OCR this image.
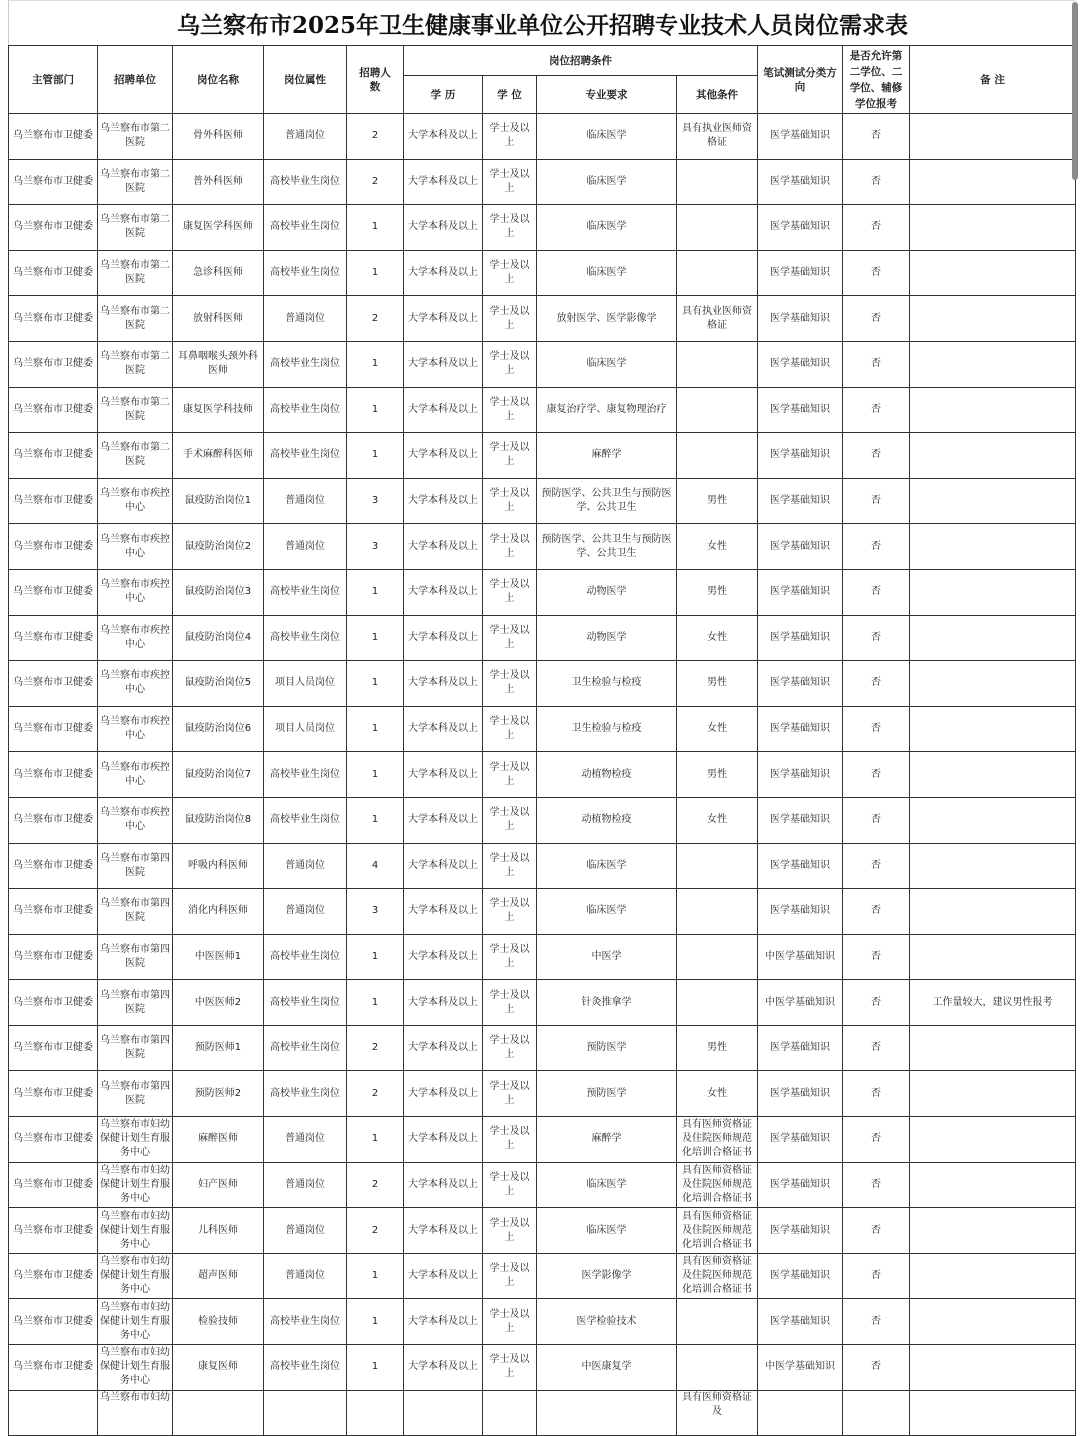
乌兰察布市2025年卫生健康事业单位公开招聘专业技术人员岗位需求表
主管部门	招聘单位	岗位名称	岗位属性	招聘人数	岗位招聘条件				笔试测试分类方向	是否允许第二学位、二学位、辅修学位报考	备 注
					学 历	学 位	专业要求	其他条件			
乌兰察布市卫健委	乌兰察布市第二医院	骨外科医师	普通岗位	2	大学本科及以上	学士及以上	临床医学	具有执业医师资格证	医学基础知识	否	
乌兰察布市卫健委	乌兰察布市第二医院	普外科医师	高校毕业生岗位	2	大学本科及以上	学士及以上	临床医学		医学基础知识	否	
乌兰察布市卫健委	乌兰察布市第二医院	康复医学科医师	高校毕业生岗位	1	大学本科及以上	学士及以上	临床医学		医学基础知识	否	
乌兰察布市卫健委	乌兰察布市第二医院	急诊科医师	高校毕业生岗位	1	大学本科及以上	学士及以上	临床医学		医学基础知识	否	
乌兰察布市卫健委	乌兰察布市第二医院	放射科医师	普通岗位	2	大学本科及以上	学士及以上	放射医学、医学影像学	具有执业医师资格证	医学基础知识	否	
乌兰察布市卫健委	乌兰察布市第二医院	耳鼻咽喉头颈外科医师	高校毕业生岗位	1	大学本科及以上	学士及以上	临床医学		医学基础知识	否	
乌兰察布市卫健委	乌兰察布市第二医院	康复医学科技师	高校毕业生岗位	1	大学本科及以上	学士及以上	康复治疗学、康复物理治疗		医学基础知识	否	
乌兰察布市卫健委	乌兰察布市第二医院	手术麻醉科医师	高校毕业生岗位	1	大学本科及以上	学士及以上	麻醉学		医学基础知识	否	
乌兰察布市卫健委	乌兰察布市疾控中心	鼠疫防治岗位1	普通岗位	3	大学本科及以上	学士及以上	预防医学、公共卫生与预防医学、公共卫生	男性	医学基础知识	否	
乌兰察布市卫健委	乌兰察布市疾控中心	鼠疫防治岗位2	普通岗位	3	大学本科及以上	学士及以上	预防医学、公共卫生与预防医学、公共卫生	女性	医学基础知识	否	
乌兰察布市卫健委	乌兰察布市疾控中心	鼠疫防治岗位3	高校毕业生岗位	1	大学本科及以上	学士及以上	动物医学	男性	医学基础知识	否	
乌兰察布市卫健委	乌兰察布市疾控中心	鼠疫防治岗位4	高校毕业生岗位	1	大学本科及以上	学士及以上	动物医学	女性	医学基础知识	否	
乌兰察布市卫健委	乌兰察布市疾控中心	鼠疫防治岗位5	项目人员岗位	1	大学本科及以上	学士及以上	卫生检验与检疫	男性	医学基础知识	否	
乌兰察布市卫健委	乌兰察布市疾控中心	鼠疫防治岗位6	项目人员岗位	1	大学本科及以上	学士及以上	卫生检验与检疫	女性	医学基础知识	否	
乌兰察布市卫健委	乌兰察布市疾控中心	鼠疫防治岗位7	高校毕业生岗位	1	大学本科及以上	学士及以上	动植物检疫	男性	医学基础知识	否	
乌兰察布市卫健委	乌兰察布市疾控中心	鼠疫防治岗位8	高校毕业生岗位	1	大学本科及以上	学士及以上	动植物检疫	女性	医学基础知识	否	
乌兰察布市卫健委	乌兰察布市第四医院	呼吸内科医师	普通岗位	4	大学本科及以上	学士及以上	临床医学		医学基础知识	否	
乌兰察布市卫健委	乌兰察布市第四医院	消化内科医师	普通岗位	3	大学本科及以上	学士及以上	临床医学		医学基础知识	否	
乌兰察布市卫健委	乌兰察布市第四医院	中医医师1	高校毕业生岗位	1	大学本科及以上	学士及以上	中医学		中医学基础知识	否	
乌兰察布市卫健委	乌兰察布市第四医院	中医医师2	高校毕业生岗位	1	大学本科及以上	学士及以上	针灸推拿学		中医学基础知识	否	工作量较大，建议男性报考
乌兰察布市卫健委	乌兰察布市第四医院	预防医师1	高校毕业生岗位	2	大学本科及以上	学士及以上	预防医学	男性	医学基础知识	否	
乌兰察布市卫健委	乌兰察布市第四医院	预防医师2	高校毕业生岗位	2	大学本科及以上	学士及以上	预防医学	女性	医学基础知识	否	
乌兰察布市卫健委	乌兰察布市妇幼保健计划生育服务中心	麻醉医师	普通岗位	1	大学本科及以上	学士及以上	麻醉学	具有医师资格证及住院医师规范化培训合格证书	医学基础知识	否	
乌兰察布市卫健委	乌兰察布市妇幼保健计划生育服务中心	妇产医师	普通岗位	2	大学本科及以上	学士及以上	临床医学	具有医师资格证及住院医师规范化培训合格证书	医学基础知识	否	
乌兰察布市卫健委	乌兰察布市妇幼保健计划生育服务中心	儿科医师	普通岗位	2	大学本科及以上	学士及以上	临床医学	具有医师资格证及住院医师规范化培训合格证书	医学基础知识	否	
乌兰察布市卫健委	乌兰察布市妇幼保健计划生育服务中心	超声医师	普通岗位	1	大学本科及以上	学士及以上	医学影像学	具有医师资格证及住院医师规范化培训合格证书	医学基础知识	否	
乌兰察布市卫健委	乌兰察布市妇幼保健计划生育服务中心	检验技师	高校毕业生岗位	1	大学本科及以上	学士及以上	医学检验技术		医学基础知识	否	
乌兰察布市卫健委	乌兰察布市妇幼保健计划生育服务中心	康复医师	高校毕业生岗位	1	大学本科及以上	学士及以上	中医康复学		中医学基础知识	否	
	乌兰察布市妇幼							具有医师资格证及			
